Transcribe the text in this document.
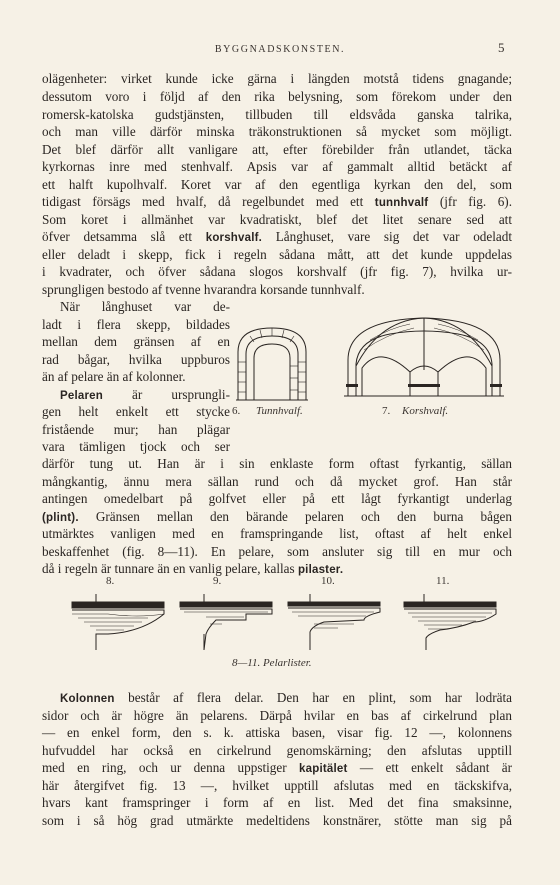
BYGGNADSKONSTEN.	5
olägenheter: virket kunde icke gärna i längden motstå tidens gnagande;
dessutom voro i följd af den rika belysning, som förekom under den
romersk-katolska gudstjänsten, tillbuden till eldsvåda ganska talrika,
och man ville därför minska träkonstruktionen så mycket som möjligt.
Det blef därför allt vanligare att, efter förebilder från utlandet, täcka
kyrkornas inre med stenhvalf. Apsis var af gammalt alltid betäckt af
ett halft kupolhvalf. Koret var af den egentliga kyrkan den del, som
tidigast försägs med hvalf, då regelbundet med ett tunnhvalf (jfr fig. 6).
Som koret i allmänhet var kvadratiskt, blef det litet senare sed att
öfver detsamma slå ett korshvalf. Långhuset, vare sig det var odeladt
eller deladt i skepp, fick i regeln sådana mått, att det kunde uppdelas
i kvadrater, och öfver sådana slogos korshvalf (jfr fig. 7), hvilka ur-
sprungligen bestodo af tvenne hvarandra korsande tunnhvalf.
När långhuset var de-
ladt i flera skepp, bildades
mellan dem gränsen af en
rad bågar, hvilka uppburos
än af pelare än af kolonner.
Pelaren är ursprungli-
gen helt enkelt ett stycke
fristående mur; han plägar
vara tämligen tjock och ser
6. Tunnhvalf.	7. Korshvalf.
därför tung ut. Han är i sin enklaste form oftast fyrkantig, sällan
mångkantig, ännu mera sällan rund och då mycket grof. Han står
antingen omedelbart på golfvet eller på ett lågt fyrkantigt underlag
(plint). Gränsen mellan den bärande pelaren och den burna bågen
utmärktes vanligen med en framspringande list, oftast af helt enkel
beskaffenhet (fig. 8—11). En pelare, som ansluter sig till en mur och
då i regeln är tunnare än en vanlig pelare, kallas pilaster.
8.	9.	10.	11.
8—11. Pelarlister.
Kolonnen består af flera delar. Den har en plint, som har lodräta
sidor och är högre än pelarens. Därpå hvilar en bas af cirkelrund plan
— en enkel form, den s. k. attiska basen, visar fig. 12 —, kolonnens
hufvuddel har också en cirkelrund genomskärning; den afslutas upptill
med en ring, och ur denna uppstiger kapitälet — ett enkelt sådant är
här återgifvet fig. 13 —, hvilket upptill afslutas med en täckskifva,
hvars kant framspringer i form af en list. Med det fina smaksinne,
som i så hög grad utmärkte medeltidens konstnärer, stötte man sig på
